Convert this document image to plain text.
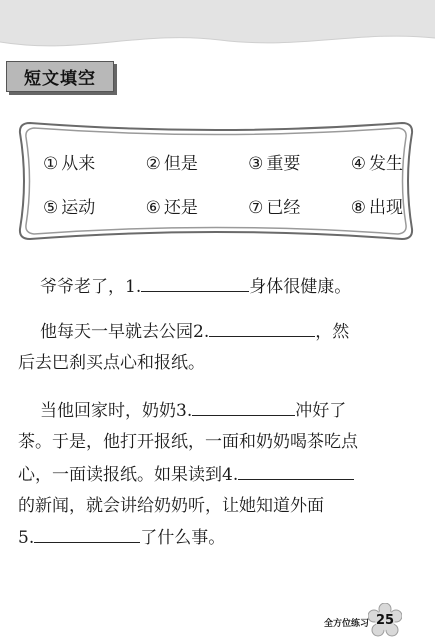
短文填空
① 从来	② 但是	③ 重要	④ 发生
⑤ 运动	⑥ 还是	⑦ 已经	⑧ 出现
爷爷老了，1.	身体很健康。
他每天一早就去公园2.	，然
后去巴刹买点心和报纸。
当他回家时，奶奶3.	冲好了
茶。于是，他打开报纸，一面和奶奶喝茶吃点
心，一面读报纸。如果读到4.
的新闻，就会讲给奶奶听，让她知道外面
5.	了什么事。
全方位练习 25
